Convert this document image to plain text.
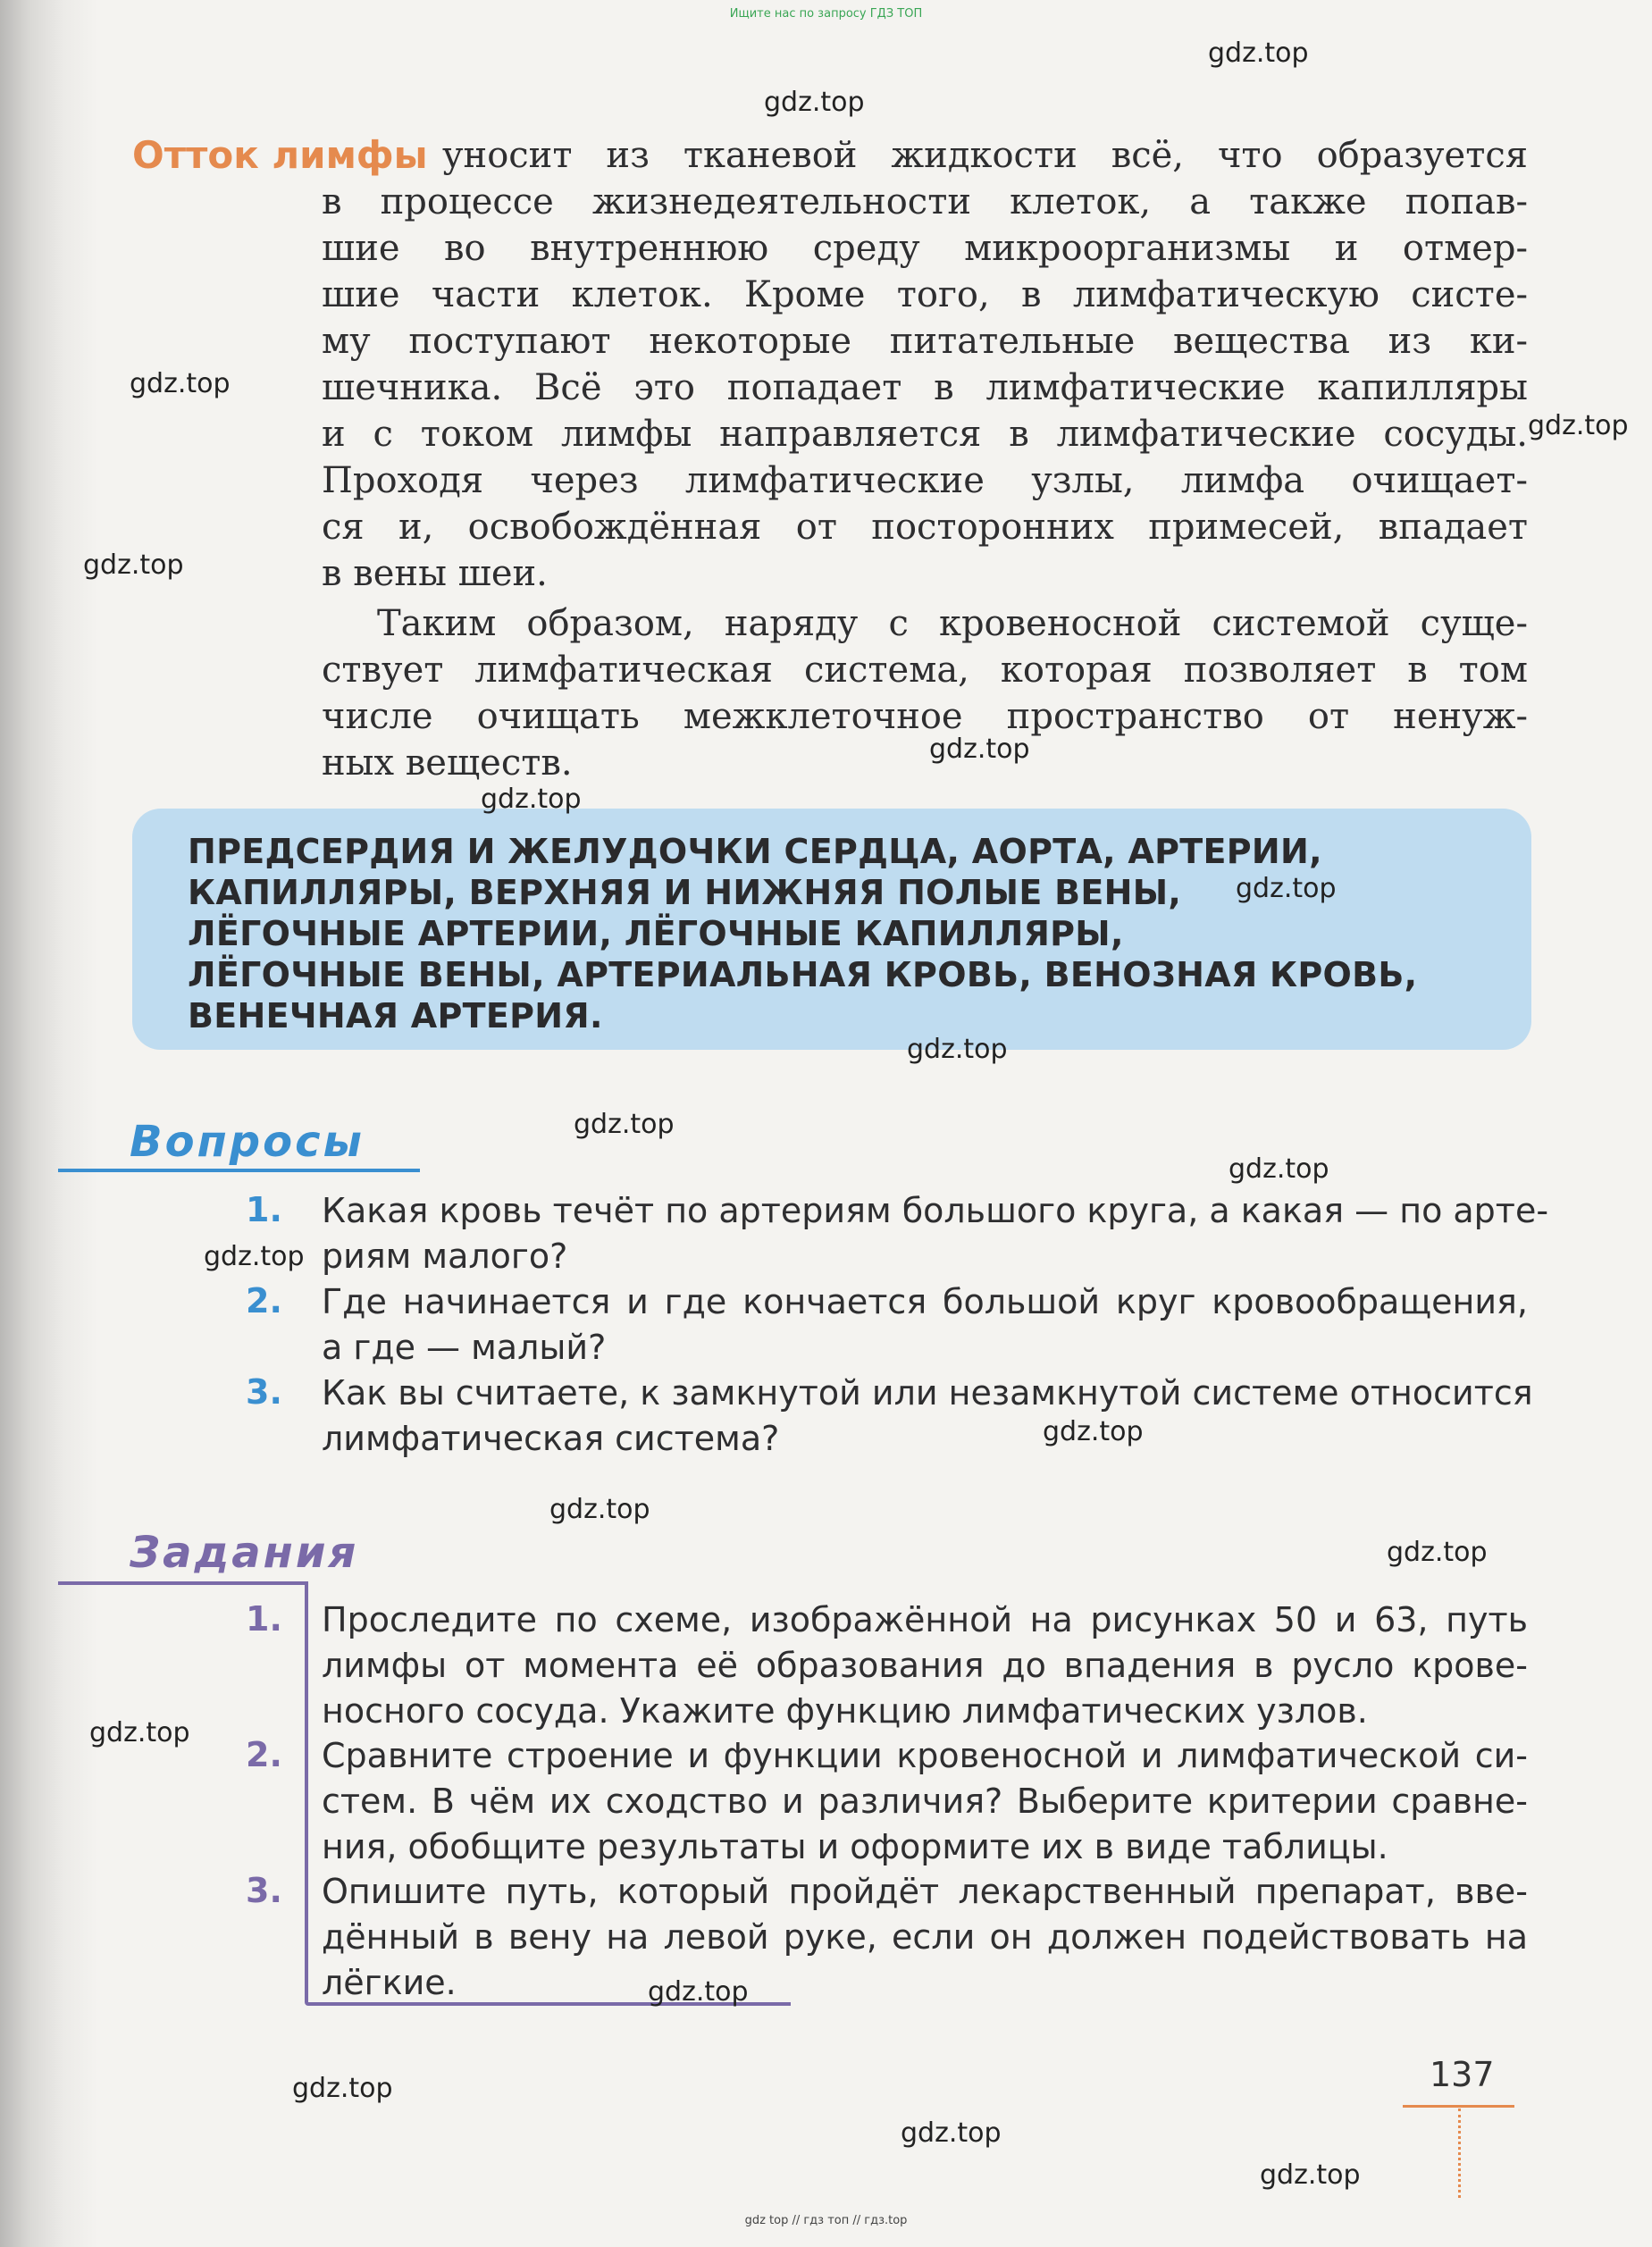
Ищите нас по запросу ГДЗ ТОП
Отток лимфы уносит из тканевой жидкости всё, что образуется
в процессе жизнедеятельности клеток, а также попав-
шие во внутреннюю среду микроорганизмы и отмер-
шие части клеток. Кроме того, в лимфатическую систе-
му поступают некоторые питательные вещества из ки-
шечника. Всё это попадает в лимфатические капилляры
и с током лимфы направляется в лимфатические сосуды.
Проходя через лимфатические узлы, лимфа очищает-
ся и, освобождённая от посторонних примесей, впадает
в вены шеи.
Таким образом, наряду с кровеносной системой суще-
ствует лимфатическая система, которая позволяет в том
числе очищать межклеточное пространство от ненуж-
ных веществ.
ПРЕДСЕРДИЯ И ЖЕЛУДОЧКИ СЕРДЦА, АОРТА, АРТЕРИИ,
КАПИЛЛЯРЫ, ВЕРХНЯЯ И НИЖНЯЯ ПОЛЫЕ ВЕНЫ,
ЛЁГОЧНЫЕ АРТЕРИИ, ЛЁГОЧНЫЕ КАПИЛЛЯРЫ,
ЛЁГОЧНЫЕ ВЕНЫ, АРТЕРИАЛЬНАЯ КРОВЬ, ВЕНОЗНАЯ КРОВЬ,
ВЕНЕЧНАЯ АРТЕРИЯ.
Вопросы
1. Какая кровь течёт по артериям большого круга, а какая — по арте-
риям малого?
2. Где начинается и где кончается большой круг кровообращения,
а где — малый?
3. Как вы считаете, к замкнутой или незамкнутой системе относится
лимфатическая система?
Задания
1. Проследите по схеме, изображённой на рисунках 50 и 63, путь
лимфы от момента её образования до впадения в русло крове-
носного сосуда. Укажите функцию лимфатических узлов.
2. Сравните строение и функции кровеносной и лимфатической си-
стем. В чём их сходство и различия? Выберите критерии сравне-
ния, обобщите результаты и оформите их в виде таблицы.
3. Опишите путь, который пройдёт лекарственный препарат, вве-
дённый в вену на левой руке, если он должен подействовать на
лёгкие.
137
gdz.top
gdz.top
gdz.top
gdz.top
gdz.top
gdz.top
gdz.top
gdz.top
gdz.top
gdz.top
gdz.top
gdz.top
gdz.top
gdz.top
gdz.top
gdz.top
gdz.top
gdz.top
gdz.top
gdz.top
gdz top // гдз топ // гдз.top
